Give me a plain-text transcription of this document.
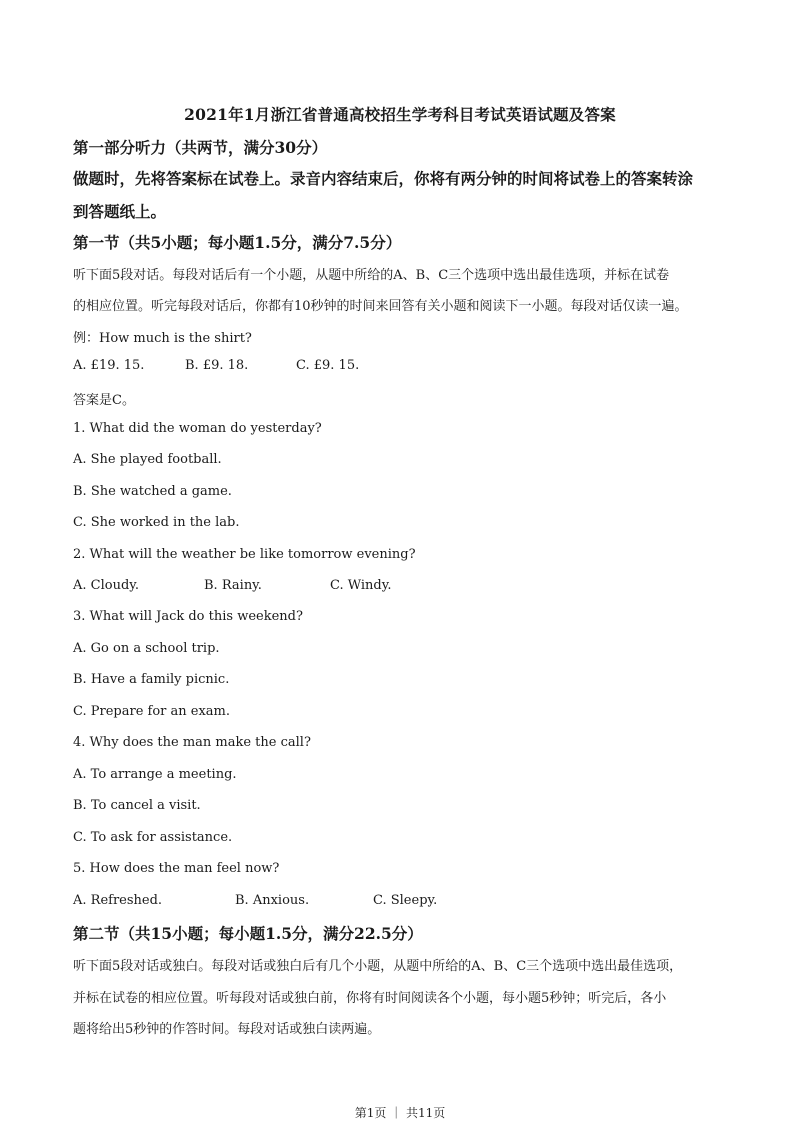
2021年1月浙江省普通高校招生学考科目考试英语试题及答案
第一部分听力（共两节，满分30分）
做题时，先将答案标在试卷上。录音内容结束后，你将有两分钟的时间将试卷上的答案转涂
到答题纸上。
第一节（共5小题；每小题1.5分，满分7.5分）
听下面5段对话。每段对话后有一个小题，从题中所给的A、B、C三个选项中选出最佳选项，并标在试卷
的相应位置。听完每段对话后，你都有10秒钟的时间来回答有关小题和阅读下一小题。每段对话仅读一遍。
例：How much is the shirt?
A. £19. 15.	B. £9. 18.	C. £9. 15.
答案是C。
1. What did the woman do yesterday?
A. She played football.
B. She watched a game.
C. She worked in the lab.
2. What will the weather be like tomorrow evening?
A. Cloudy.	B. Rainy.	C. Windy.
3. What will Jack do this weekend?
A. Go on a school trip.
B. Have a family picnic.
C. Prepare for an exam.
4. Why does the man make the call?
A. To arrange a meeting.
B. To cancel a visit.
C. To ask for assistance.
5. How does the man feel now?
A. Refreshed.	B. Anxious.	C. Sleepy.
第二节（共15小题；每小题1.5分，满分22.5分）
听下面5段对话或独白。每段对话或独白后有几个小题，从题中所给的A、B、C三个选项中选出最佳选项，
并标在试卷的相应位置。听每段对话或独白前，你将有时间阅读各个小题，每小题5秒钟；听完后，各小
题将给出5秒钟的作答时间。每段对话或独白读两遍。
第1页 ｜ 共11页
